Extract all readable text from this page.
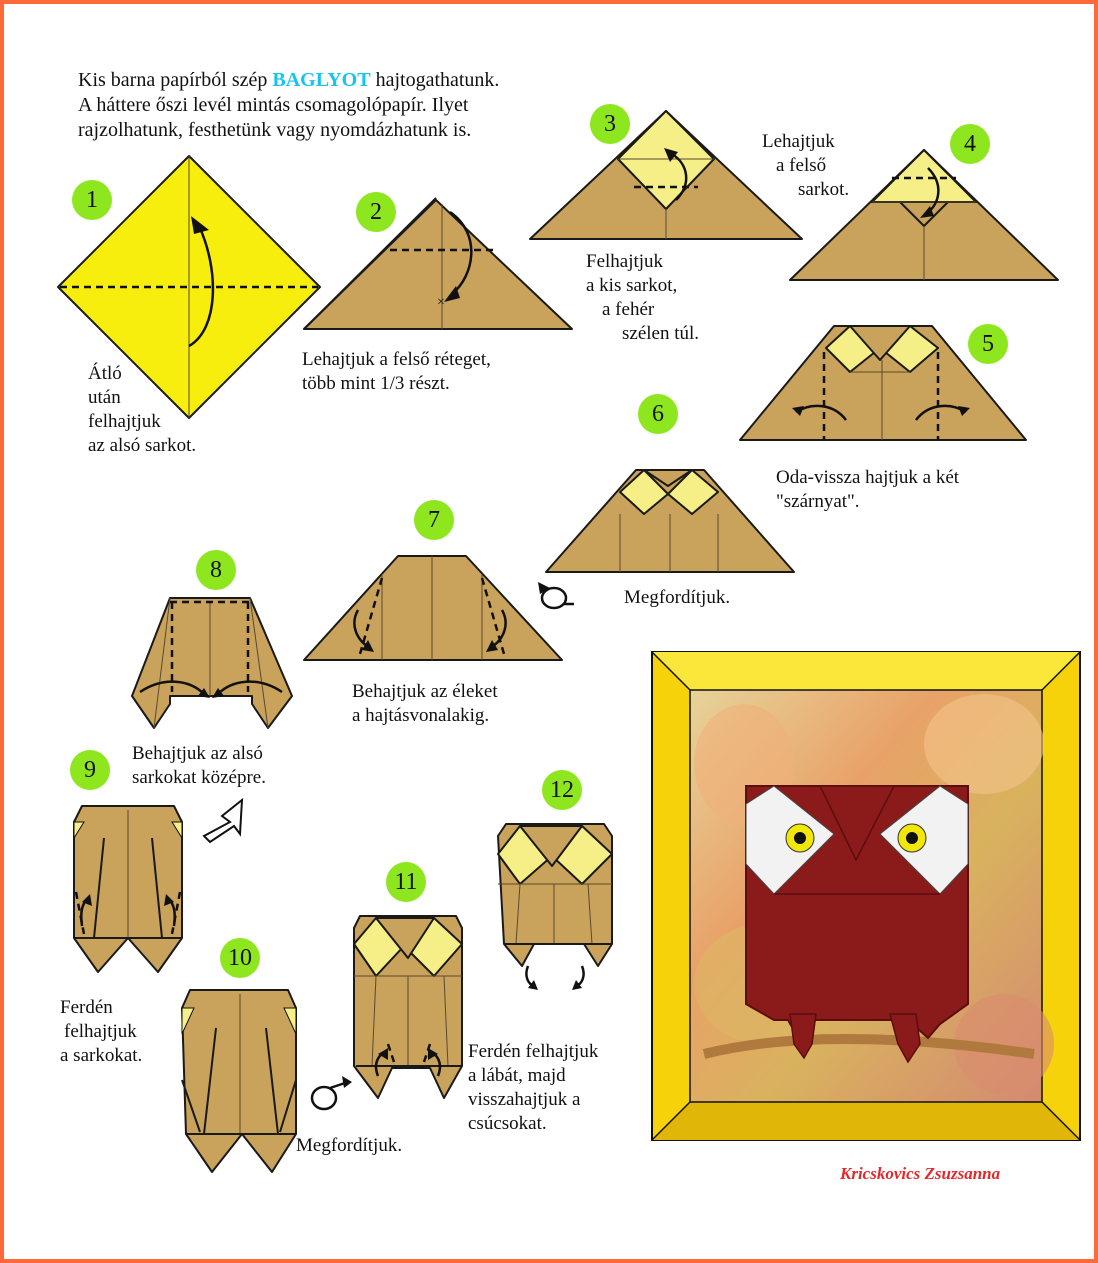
Kis barna papírból szép BAGLYOT hajtogathatunk.
A háttere őszi levél mintás csomagolópapír. Ilyet
rajzolhatunk, festhetünk vagy nyomdázhatunk is.
1
Átló
után
felhajtjuk
az alsó sarkot.
2
×
Lehajtjuk a felső réteget,
több mint 1/3 részt.
3
Felhajtjuk
a kis sarkot,
a fehér
szélen túl.
4
Lehajtjuk
a felső
sarkot.
5
Oda-vissza hajtjuk a két
"szárnyat".
6
Megfordítjuk.
7
Behajtjuk az éleket
a hajtásvonalakig.
8
Behajtjuk az alsó
sarkokat középre.
9
Ferdén
felhajtjuk
a sarkokat.
10
Megfordítjuk.
11
Ferdén felhajtjuk
a lábát, majd
visszahajtjuk a
csúcsokat.
12
Kricskovics Zsuzsanna
